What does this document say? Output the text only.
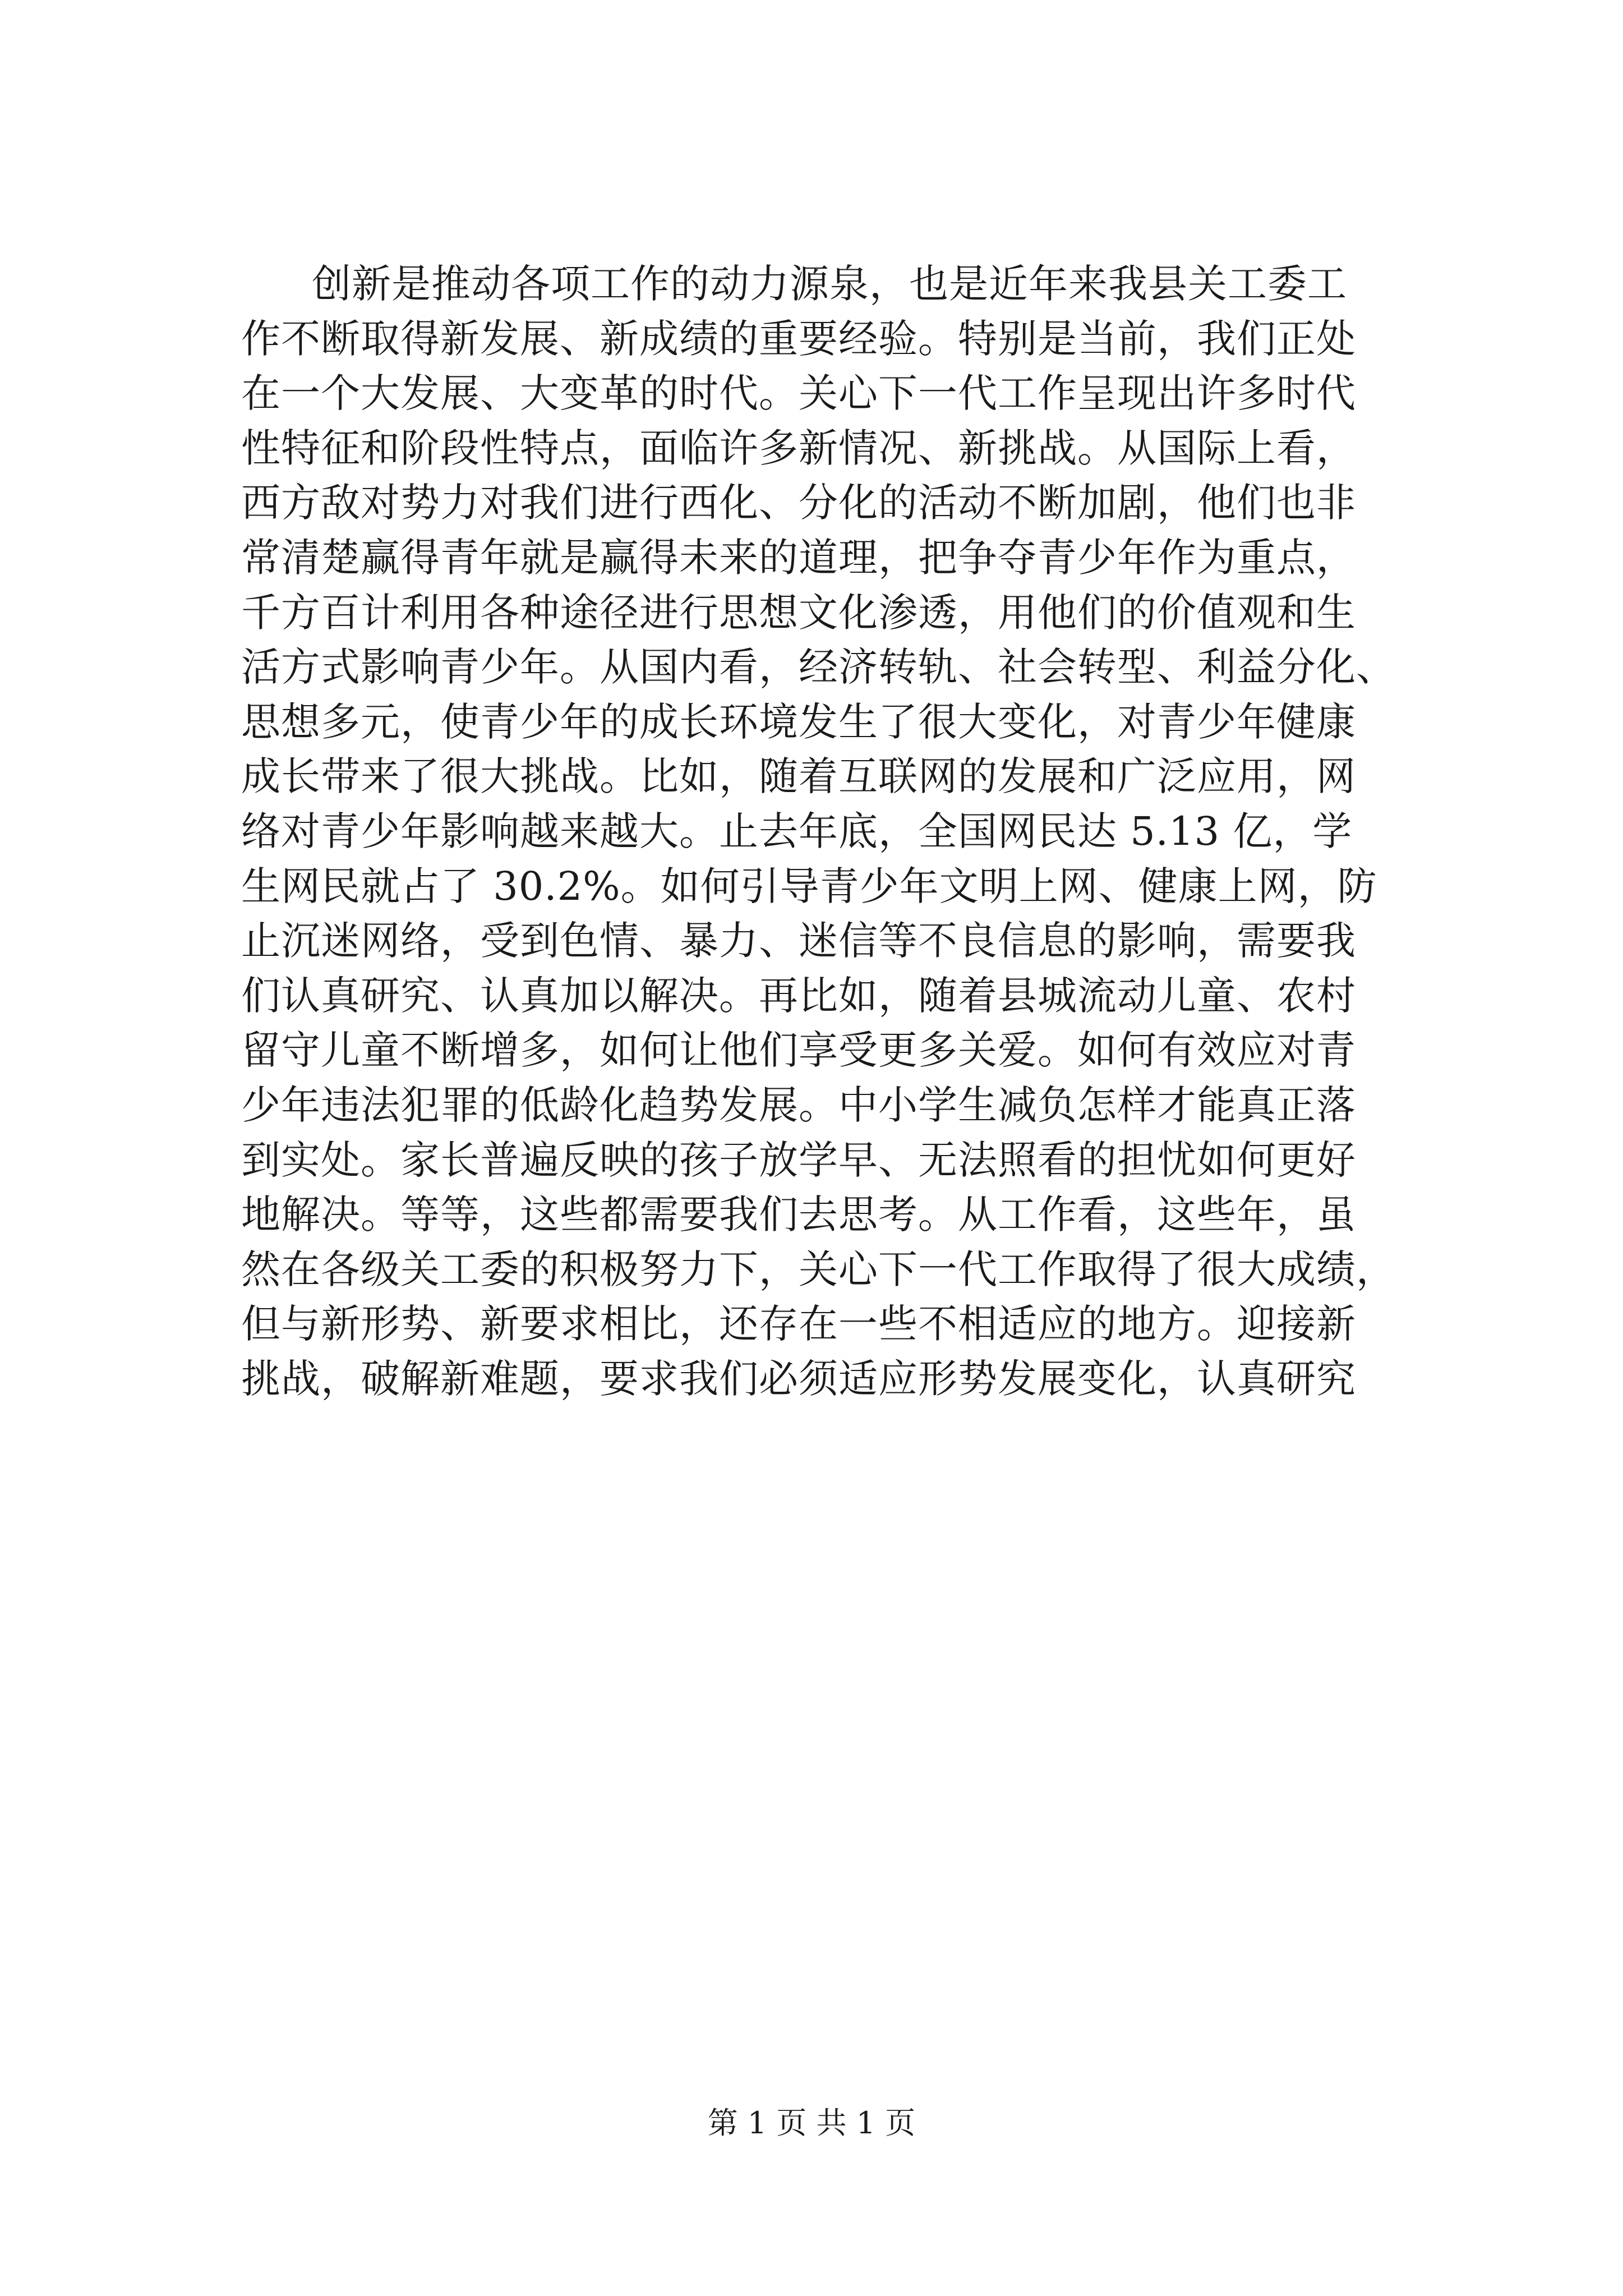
创新是推动各项工作的动力源泉，也是近年来我县关工委工
作不断取得新发展、新成绩的重要经验。特别是当前，我们正处
在一个大发展、大变革的时代。关心下一代工作呈现出许多时代
性特征和阶段性特点，面临许多新情况、新挑战。从国际上看，
西方敌对势力对我们进行西化、分化的活动不断加剧，他们也非
常清楚赢得青年就是赢得未来的道理，把争夺青少年作为重点，
千方百计利用各种途径进行思想文化渗透，用他们的价值观和生
活方式影响青少年。从国内看，经济转轨、社会转型、利益分化、
思想多元，使青少年的成长环境发生了很大变化，对青少年健康
成长带来了很大挑战。比如，随着互联网的发展和广泛应用，网
络对青少年影响越来越大。止去年底，全国网民达 5.13 亿，学
生网民就占了 30.2%。如何引导青少年文明上网、健康上网，防
止沉迷网络，受到色情、暴力、迷信等不良信息的影响，需要我
们认真研究、认真加以解决。再比如，随着县城流动儿童、农村
留守儿童不断增多，如何让他们享受更多关爱。如何有效应对青
少年违法犯罪的低龄化趋势发展。中小学生减负怎样才能真正落
到实处。家长普遍反映的孩子放学早、无法照看的担忧如何更好
地解决。等等，这些都需要我们去思考。从工作看，这些年，虽
然在各级关工委的积极努力下，关心下一代工作取得了很大成绩，
但与新形势、新要求相比，还存在一些不相适应的地方。迎接新
挑战，破解新难题，要求我们必须适应形势发展变化，认真研究
第 1 页 共 1 页
